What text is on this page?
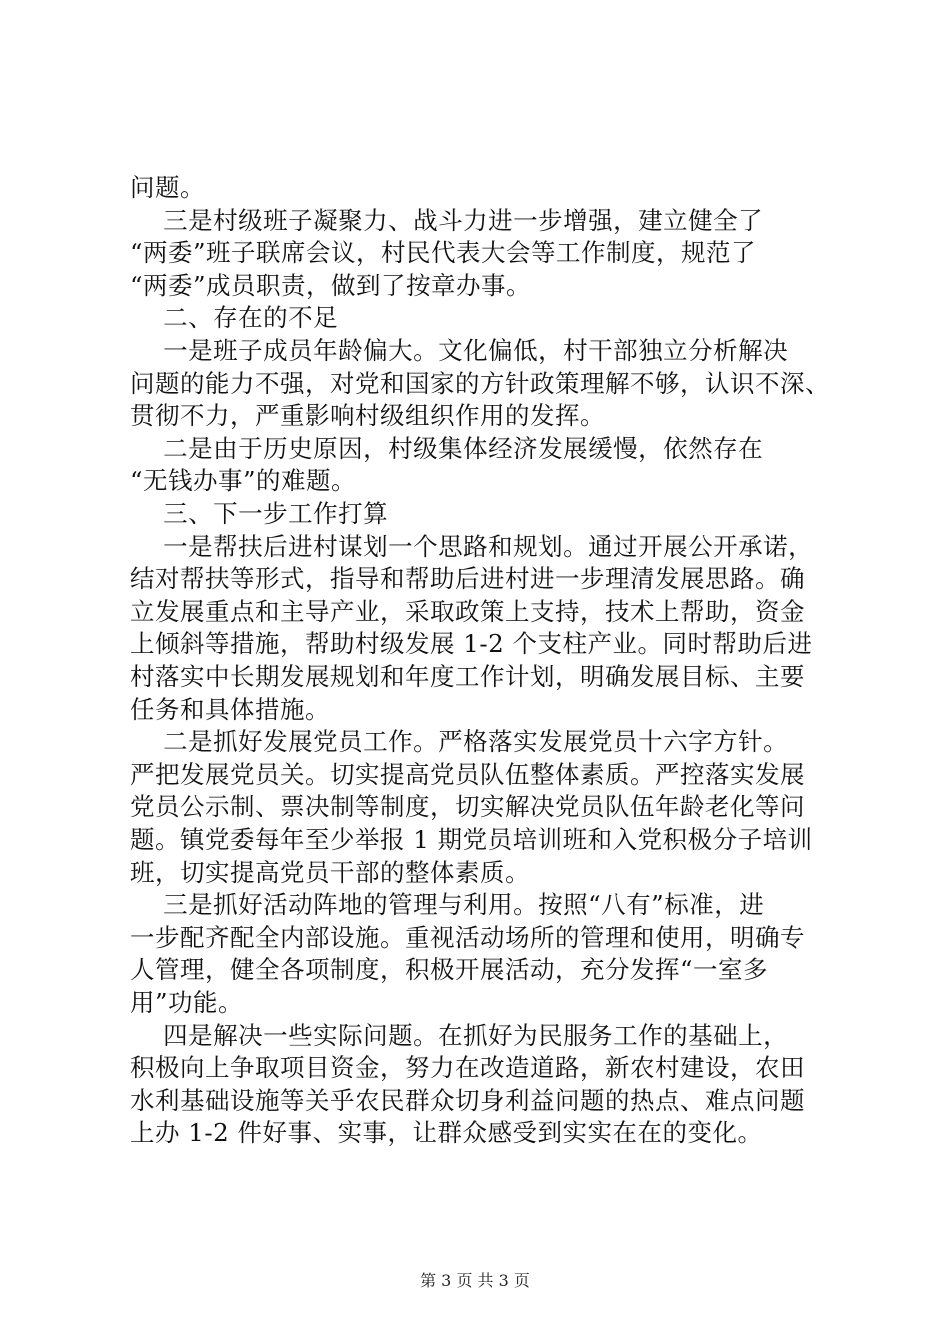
问题。
三是村级班子凝聚力、战斗力进一步增强，建立健全了
“两委”班子联席会议，村民代表大会等工作制度，规范了
“两委”成员职责，做到了按章办事。
二、存在的不足
一是班子成员年龄偏大。文化偏低，村干部独立分析解决
问题的能力不强，对党和国家的方针政策理解不够，认识不深、
贯彻不力，严重影响村级组织作用的发挥。
二是由于历史原因，村级集体经济发展缓慢，依然存在
“无钱办事”的难题。
三、下一步工作打算
一是帮扶后进村谋划一个思路和规划。通过开展公开承诺，
结对帮扶等形式，指导和帮助后进村进一步理清发展思路。确
立发展重点和主导产业，采取政策上支持，技术上帮助，资金
上倾斜等措施，帮助村级发展 1-2 个支柱产业。同时帮助后进
村落实中长期发展规划和年度工作计划，明确发展目标、主要
任务和具体措施。
二是抓好发展党员工作。严格落实发展党员十六字方针。
严把发展党员关。切实提高党员队伍整体素质。严控落实发展
党员公示制、票决制等制度，切实解决党员队伍年龄老化等问
题。镇党委每年至少举报 1 期党员培训班和入党积极分子培训
班，切实提高党员干部的整体素质。
三是抓好活动阵地的管理与利用。按照“八有”标准，进
一步配齐配全内部设施。重视活动场所的管理和使用，明确专
人管理，健全各项制度，积极开展活动，充分发挥“一室多
用”功能。
四是解决一些实际问题。在抓好为民服务工作的基础上，
积极向上争取项目资金，努力在改造道路，新农村建设，农田
水利基础设施等关乎农民群众切身利益问题的热点、难点问题
上办 1-2 件好事、实事，让群众感受到实实在在的变化。
第 3 页 共 3 页
